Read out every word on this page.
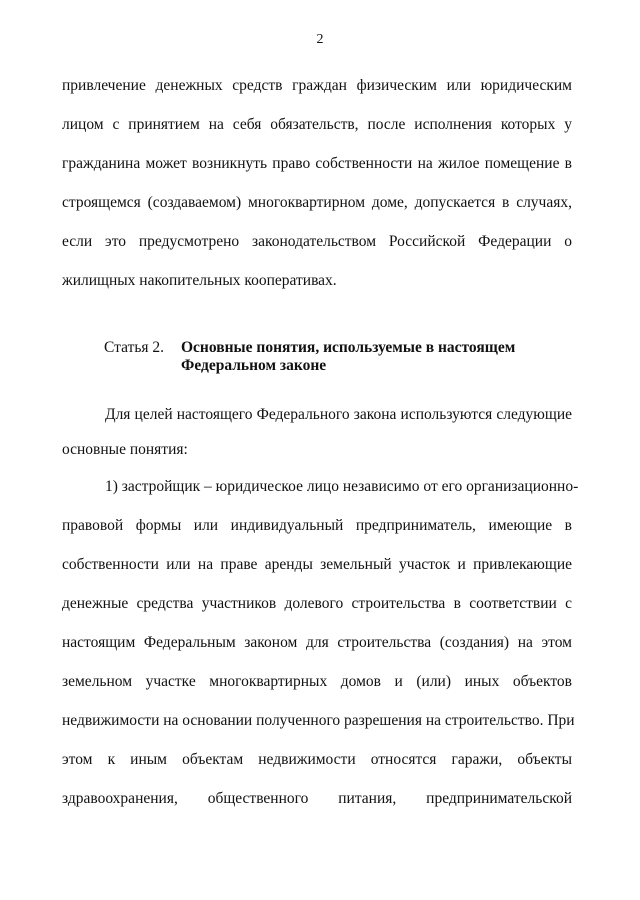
2
привлечение денежных средств граждан физическим или юридическим
лицом с принятием на себя обязательств, после исполнения которых у
гражданина может возникнуть право собственности на жилое помещение в
строящемся (создаваемом) многоквартирном доме, допускается в случаях,
если это предусмотрено законодательством Российской Федерации о
жилищных накопительных кооперативах.
Статья 2. Основные понятия, используемые в настоящем
Федеральном законе
Для целей настоящего Федерального закона используются следующие
основные понятия:
1) застройщик – юридическое лицо независимо от его организационно-
правовой формы или индивидуальный предприниматель, имеющие в
собственности или на праве аренды земельный участок и привлекающие
денежные средства участников долевого строительства в соответствии с
настоящим Федеральным законом для строительства (создания) на этом
земельном участке многоквартирных домов и (или) иных объектов
недвижимости на основании полученного разрешения на строительство. При
этом к иным объектам недвижимости относятся гаражи, объекты
здравоохранения, общественного питания, предпринимательской
